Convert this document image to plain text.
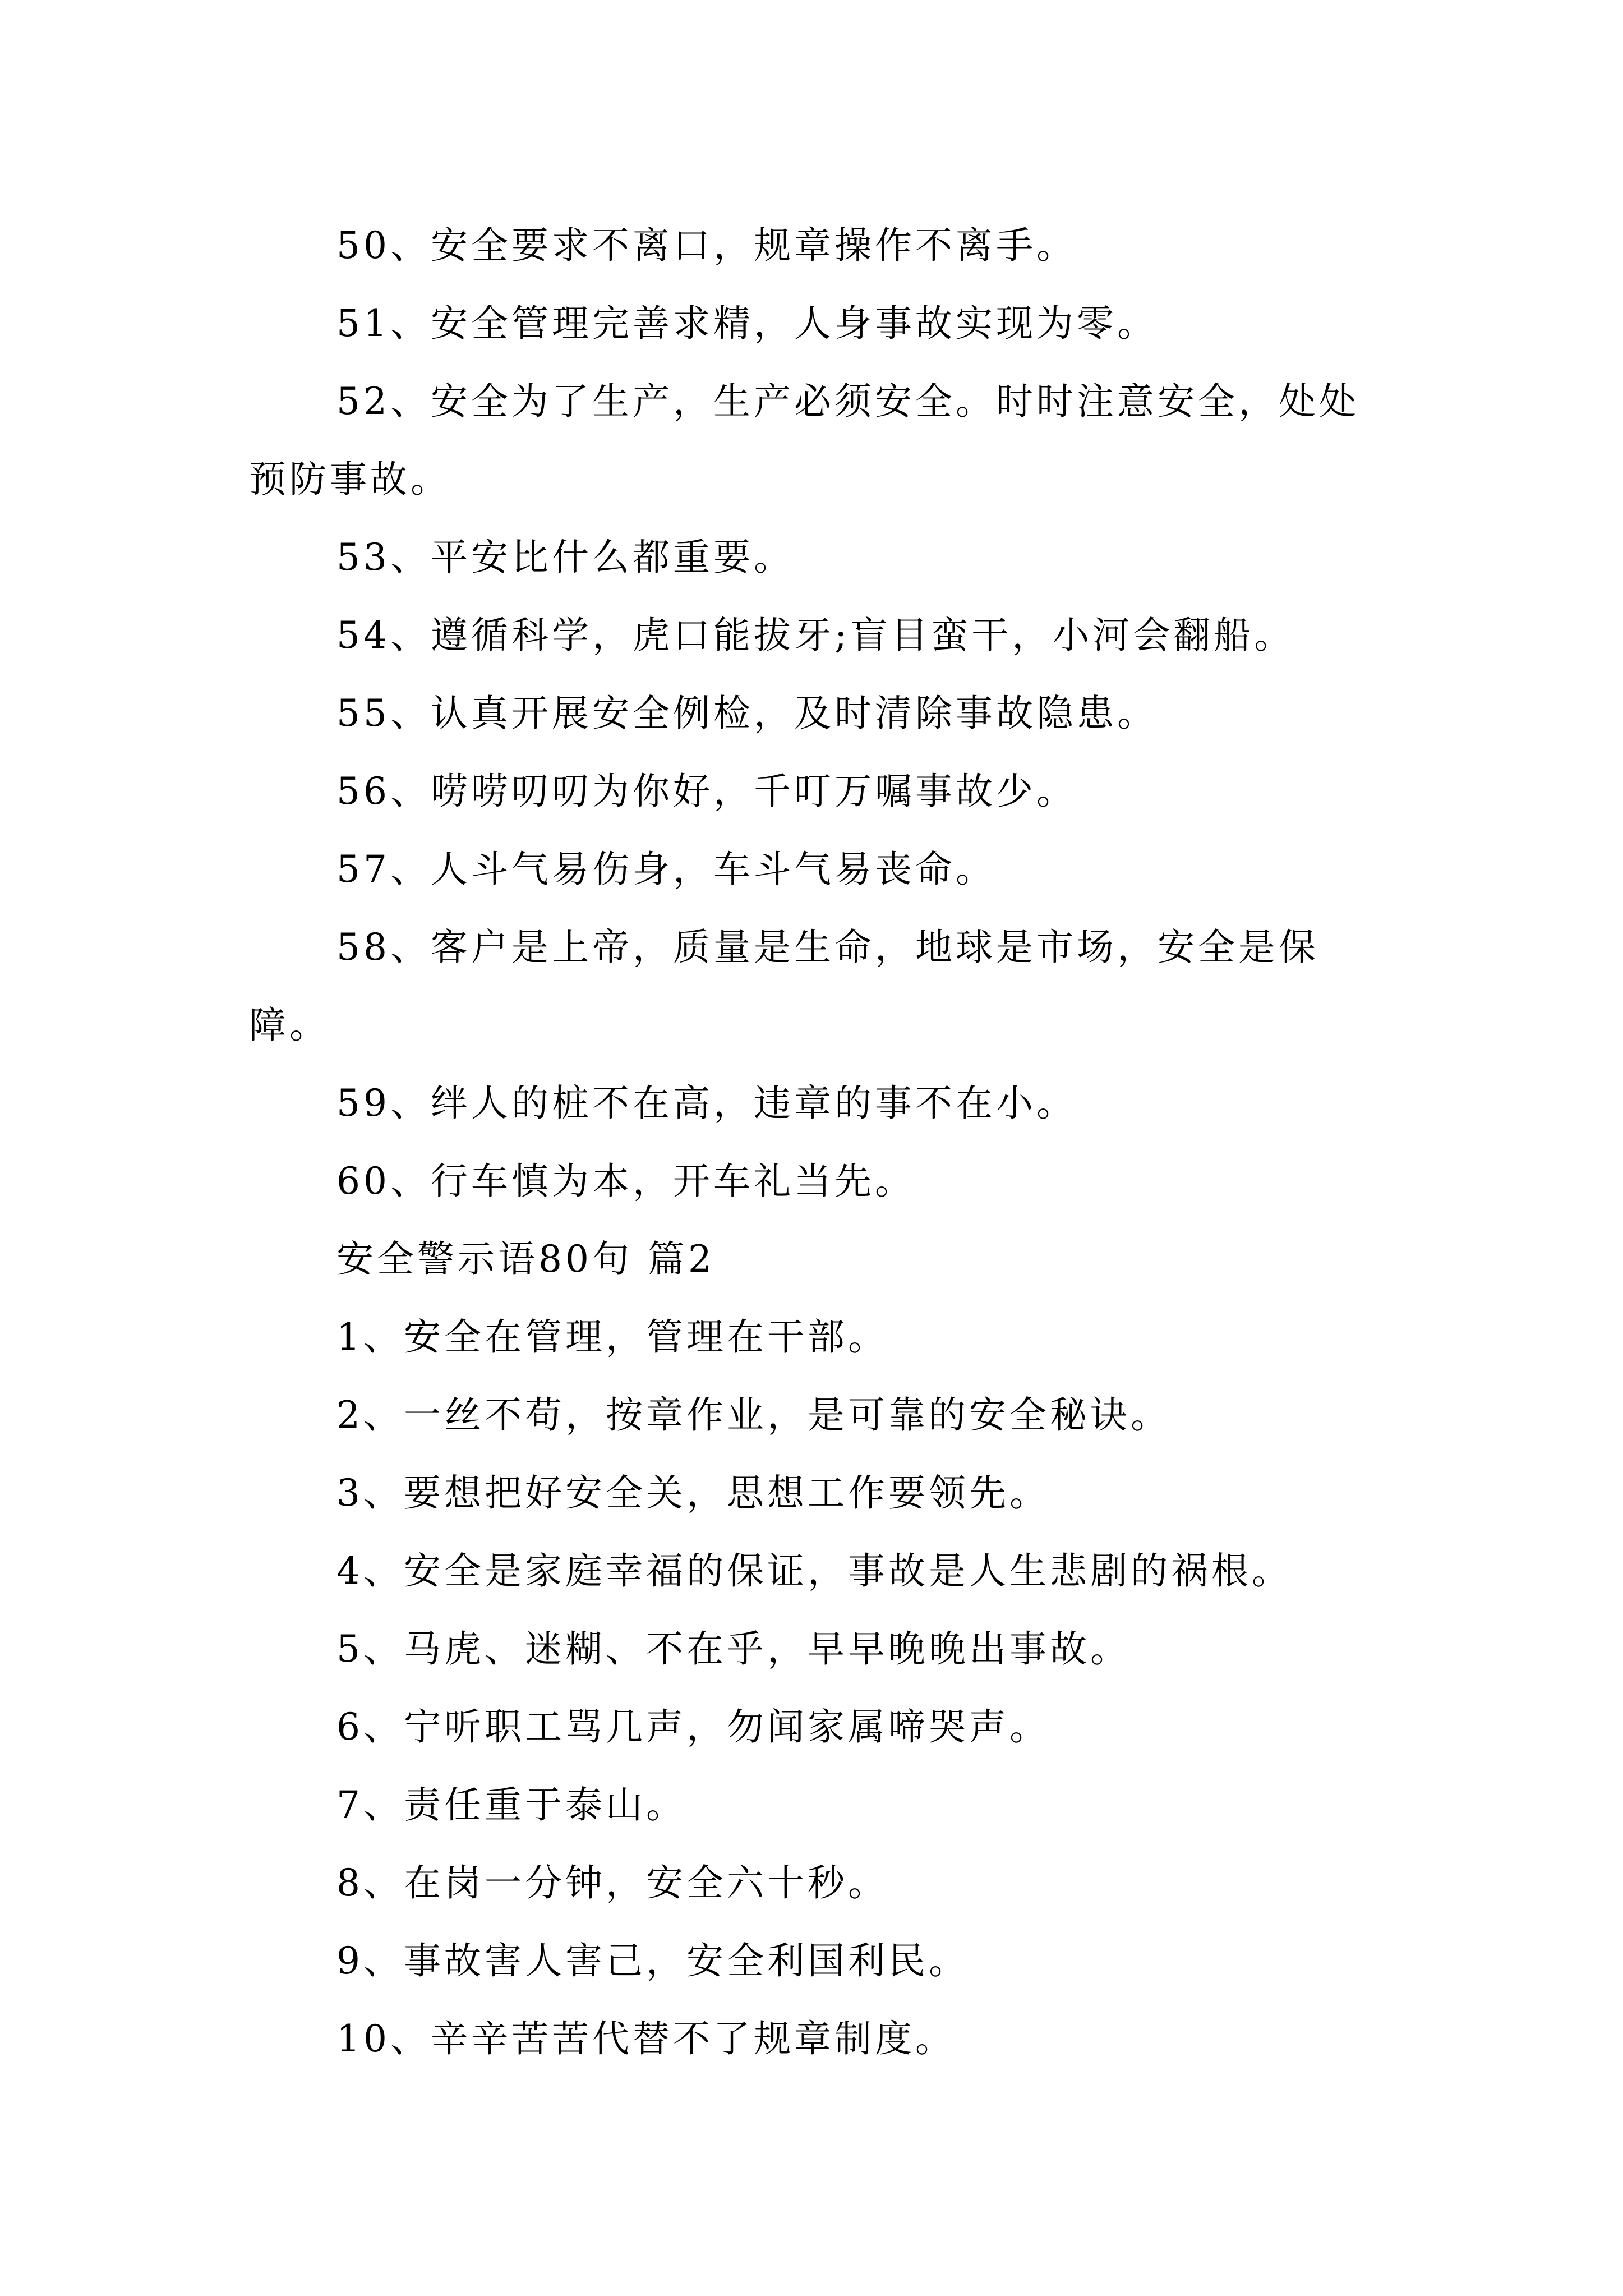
50、安全要求不离口，规章操作不离手。

51、安全管理完善求精，人身事故实现为零。

52、安全为了生产，生产必须安全。时时注意安全，处处预防事故。

53、平安比什么都重要。

54、遵循科学，虎口能拔牙;盲目蛮干，小河会翻船。

55、认真开展安全例检，及时清除事故隐患。

56、唠唠叨叨为你好，千叮万嘱事故少。

57、人斗气易伤身，车斗气易丧命。

58、客户是上帝，质量是生命，地球是市场，安全是保障。

59、绊人的桩不在高，违章的事不在小。

60、行车慎为本，开车礼当先。

安全警示语80句 篇2

1、安全在管理，管理在干部。

2、一丝不苟，按章作业，是可靠的安全秘诀。

3、要想把好安全关，思想工作要领先。

4、安全是家庭幸福的保证，事故是人生悲剧的祸根。

5、马虎、迷糊、不在乎，早早晚晚出事故。

6、宁听职工骂几声，勿闻家属啼哭声。

7、责任重于泰山。

8、在岗一分钟，安全六十秒。

9、事故害人害己，安全利国利民。

10、辛辛苦苦代替不了规章制度。
